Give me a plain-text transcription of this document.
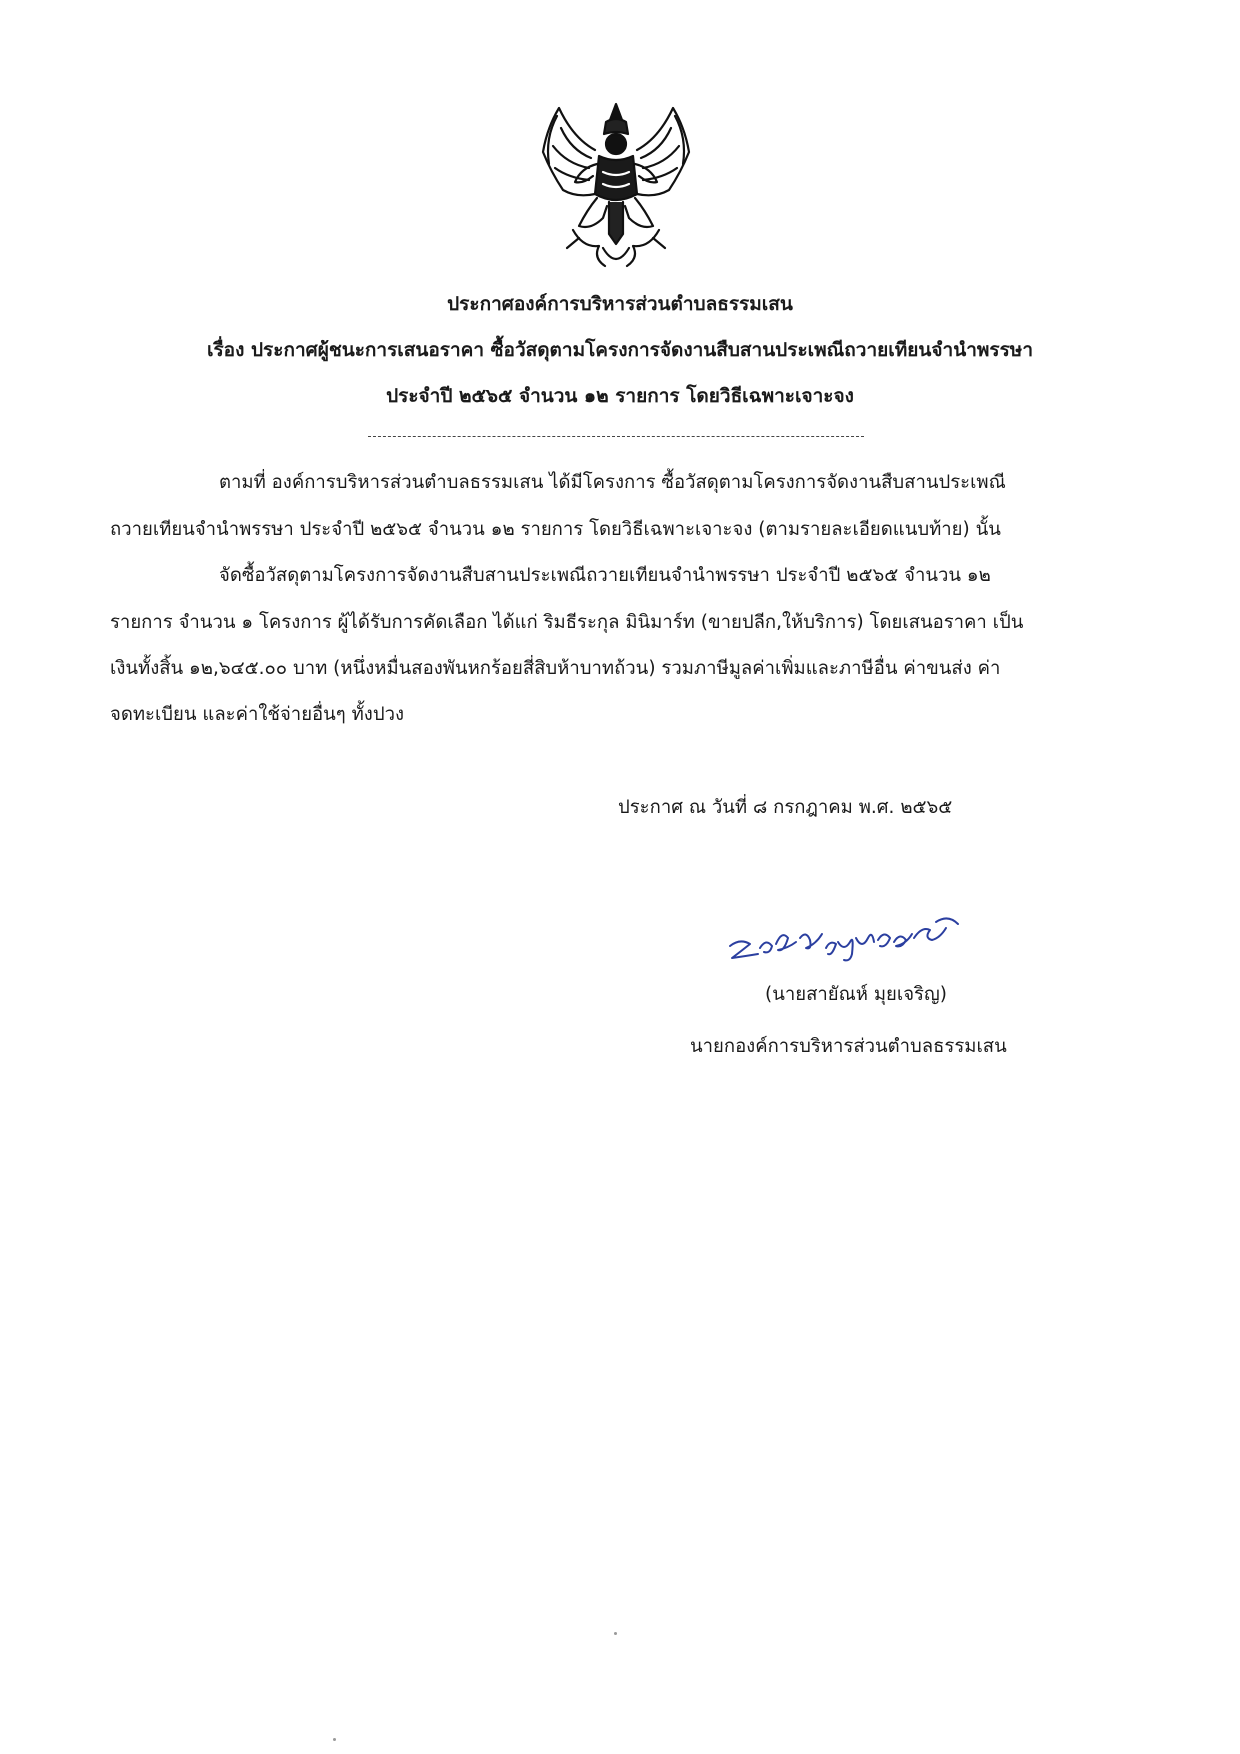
ประกาศองค์การบริหารส่วนตำบลธรรมเสน
เรื่อง ประกาศผู้ชนะการเสนอราคา ซื้อวัสดุตามโครงการจัดงานสืบสานประเพณีถวายเทียนจำนำพรรษา
ประจำปี ๒๕๖๕ จำนวน ๑๒ รายการ โดยวิธีเฉพาะเจาะจง
ตามที่ องค์การบริหารส่วนตำบลธรรมเสน ได้มีโครงการ ซื้อวัสดุตามโครงการจัดงานสืบสานประเพณี
ถวายเทียนจำนำพรรษา ประจำปี ๒๕๖๕ จำนวน ๑๒ รายการ โดยวิธีเฉพาะเจาะจง (ตามรายละเอียดแนบท้าย) นั้น
จัดซื้อวัสดุตามโครงการจัดงานสืบสานประเพณีถวายเทียนจำนำพรรษา ประจำปี ๒๕๖๕ จำนวน ๑๒
รายการ จำนวน ๑ โครงการ ผู้ได้รับการคัดเลือก ได้แก่ ริมธีระกุล มินิมาร์ท (ขายปลีก,ให้บริการ) โดยเสนอราคา เป็น
เงินทั้งสิ้น ๑๒,๖๔๕.๐๐ บาท (หนึ่งหมื่นสองพันหกร้อยสี่สิบห้าบาทถ้วน) รวมภาษีมูลค่าเพิ่มและภาษีอื่น ค่าขนส่ง ค่า
จดทะเบียน และค่าใช้จ่ายอื่นๆ ทั้งปวง
ประกาศ ณ วันที่ ๘ กรกฎาคม พ.ศ. ๒๕๖๕
(นายสายัณห์ มุยเจริญ)
นายกองค์การบริหารส่วนตำบลธรรมเสน
